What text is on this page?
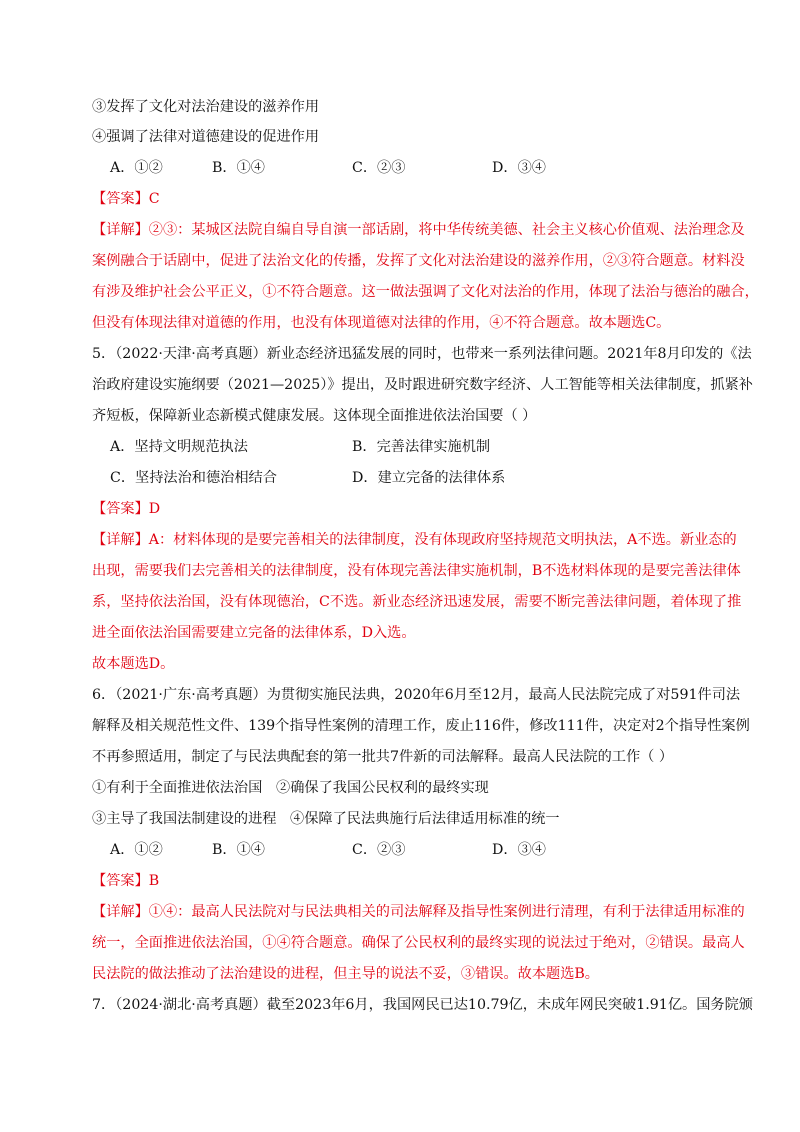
③发挥了文化对法治建设的滋养作用
④强调了法律对道德建设的促进作用
A．①②	B．①④	C．②③	D．③④
【答案】C
【详解】②③：某城区法院自编自导自演一部话剧，将中华传统美德、社会主义核心价值观、法治理念及
案例融合于话剧中，促进了法治文化的传播，发挥了文化对法治建设的滋养作用，②③符合题意。材料没
有涉及维护社会公平正义，①不符合题意。这一做法强调了文化对法治的作用，体现了法治与德治的融合，
但没有体现法律对道德的作用，也没有体现道德对法律的作用，④不符合题意。故本题选C。
5．（2022·天津·高考真题）新业态经济迅猛发展的同时，也带来一系列法律问题。2021年8月印发的《法
治政府建设实施纲要（2021—2025）》提出，及时跟进研究数字经济、人工智能等相关法律制度，抓紧补
齐短板，保障新业态新模式健康发展。这体现全面推进依法治国要（ ）
A．坚持文明规范执法	B．完善法律实施机制
C．坚持法治和德治相结合	D．建立完备的法律体系
【答案】D
【详解】A：材料体现的是要完善相关的法律制度，没有体现政府坚持规范文明执法，A不选。新业态的
出现，需要我们去完善相关的法律制度，没有体现完善法律实施机制，B不选材料体现的是要完善法律体
系，坚持依法治国，没有体现德治，C不选。新业态经济迅速发展，需要不断完善法律问题，着体现了推
进全面依法治国需要建立完备的法律体系，D入选。
故本题选D。
6．（2021·广东·高考真题）为贯彻实施民法典，2020年6月至12月，最高人民法院完成了对591件司法
解释及相关规范性文件、139个指导性案例的清理工作，废止116件，修改111件，决定对2个指导性案例
不再参照适用，制定了与民法典配套的第一批共7件新的司法解释。最高人民法院的工作（ ）
①有利于全面推进依法治国 ②确保了我国公民权利的最终实现
③主导了我国法制建设的进程 ④保障了民法典施行后法律适用标准的统一
A．①②	B．①④	C．②③	D．③④
【答案】B
【详解】①④：最高人民法院对与民法典相关的司法解释及指导性案例进行清理，有利于法律适用标准的
统一，全面推进依法治国，①④符合题意。确保了公民权利的最终实现的说法过于绝对，②错误。最高人
民法院的做法推动了法治建设的进程，但主导的说法不妥，③错误。故本题选B。
7．（2024·湖北·高考真题）截至2023年6月，我国网民已达10.79亿，未成年网民突破1.91亿。国务院颁
